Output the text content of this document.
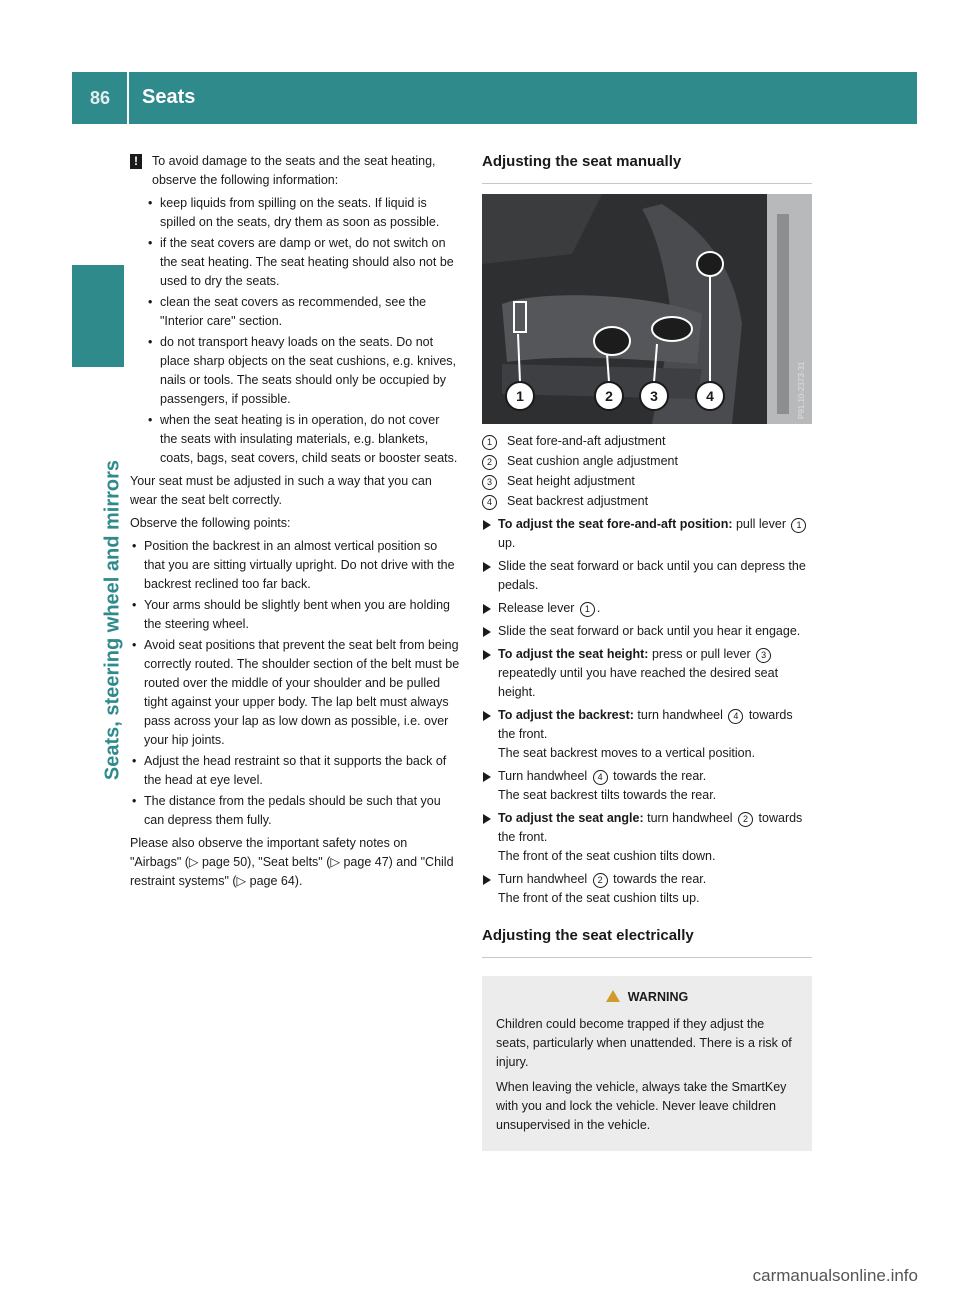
86 Seats
Seats, steering wheel and mirrors
!	To avoid damage to the seats and the seat heating, observe the following information:
• keep liquids from spilling on the seats. If liquid is spilled on the seats, dry them as soon as possible.
• if the seat covers are damp or wet, do not switch on the seat heating. The seat heating should also not be used to dry the seats.
• clean the seat covers as recommended, see the "Interior care" section.
• do not transport heavy loads on the seats. Do not place sharp objects on the seat cushions, e.g. knives, nails or tools. The seats should only be occupied by passengers, if possible.
• when the seat heating is in operation, do not cover the seats with insulating materials, e.g. blankets, coats, bags, seat covers, child seats or booster seats.

Your seat must be adjusted in such a way that you can wear the seat belt correctly.

Observe the following points:

• Position the backrest in an almost vertical position so that you are sitting virtually upright. Do not drive with the backrest reclined too far back.
• Your arms should be slightly bent when you are holding the steering wheel.
• Avoid seat positions that prevent the seat belt from being correctly routed. The shoulder section of the belt must be routed over the middle of your shoulder and be pulled tight against your upper body. The lap belt must always pass across your lap as low down as possible, i.e. over your hip joints.
• Adjust the head restraint so that it supports the back of the head at eye level.
• The distance from the pedals should be such that you can depress them fully.

Please also observe the important safety notes on "Airbags" (▷ page 50), "Seat belts" (▷ page 47) and "Child restraint systems" (▷ page 64).

Adjusting the seat manually
1	2	3	4	P91.10-2373-31
1	Seat fore-and-aft adjustment
2	Seat cushion angle adjustment
3	Seat height adjustment
4	Seat backrest adjustment
To adjust the seat fore-and-aft position: pull lever 1 up.
Slide the seat forward or back until you can depress the pedals.
Release lever 1 .
Slide the seat forward or back until you hear it engage.
To adjust the seat height: press or pull lever 3 repeatedly until you have reached the desired seat height.
To adjust the backrest: turn handwheel 4 towards the front.
The seat backrest moves to a vertical position.
Turn handwheel 4 towards the rear.
The seat backrest tilts towards the rear.
To adjust the seat angle: turn handwheel 2 towards the front.
The front of the seat cushion tilts down.
Turn handwheel 2 towards the rear.
The front of the seat cushion tilts up.
Adjusting the seat electrically
WARNING

Children could become trapped if they adjust the seats, particularly when unattended. There is a risk of injury.

When leaving the vehicle, always take the SmartKey with you and lock the vehicle. Never leave children unsupervised in the vehicle.

carmanualsonline.info
